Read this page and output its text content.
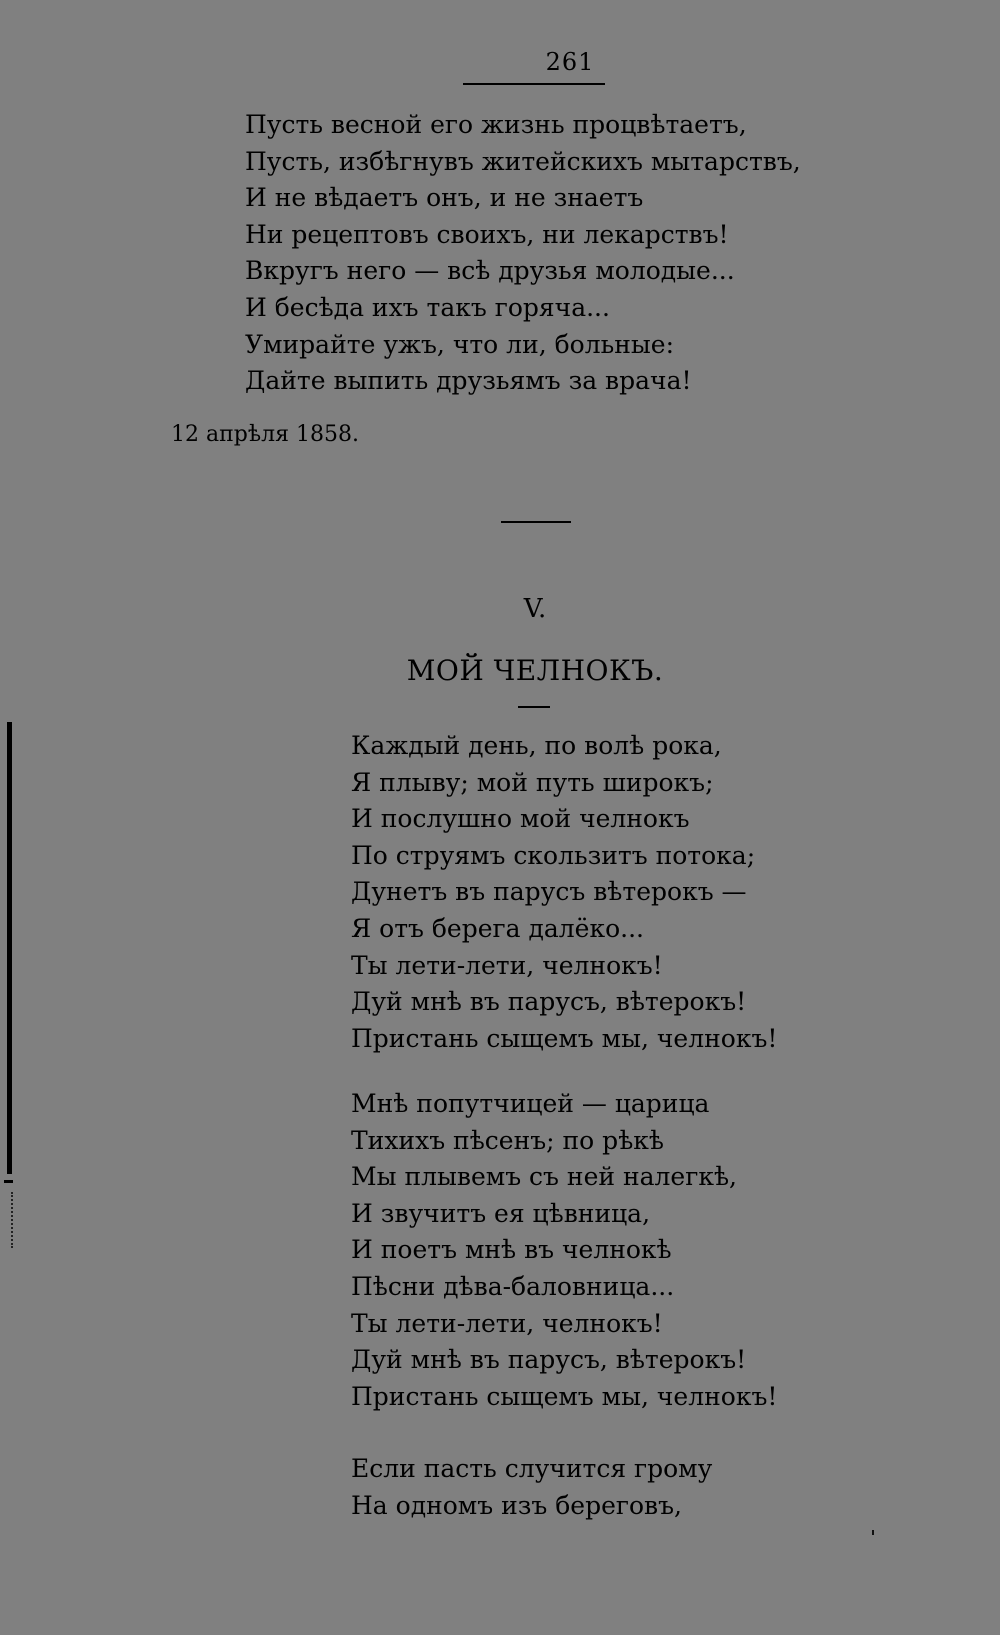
261
Пусть весной его жизнь процвѣтаетъ,
Пусть, избѣгнувъ житейскихъ мытарствъ,
И не вѣдаетъ онъ, и не знаетъ
Ни рецептовъ своихъ, ни лекарствъ!
Вкругъ него — всѣ друзья молодые...
И бесѣда ихъ такъ горяча...
Умирайте ужъ, что ли, больные:
Дайте выпить друзьямъ за врача!
12 апрѣля 1858.
V.
МОЙ ЧЕЛНОКЪ.
Каждый день, по волѣ рока,
Я плыву; мой путь широкъ;
И послушно мой челнокъ
По струямъ скользитъ потока;
Дунетъ въ парусъ вѣтерокъ —
Я отъ берега далёко...
Ты лети-лети, челнокъ!
Дуй мнѣ въ парусъ, вѣтерокъ!
Пристань сыщемъ мы, челнокъ!
Мнѣ попутчицей — царица
Тихихъ пѣсенъ; по рѣкѣ
Мы плывемъ съ ней налегкѣ,
И звучитъ ея цѣвница,
И поетъ мнѣ въ челнокѣ
Пѣсни дѣва-баловница...
Ты лети-лети, челнокъ!
Дуй мнѣ въ парусъ, вѣтерокъ!
Пристань сыщемъ мы, челнокъ!
Если пасть случится грому
На одномъ изъ береговъ,
